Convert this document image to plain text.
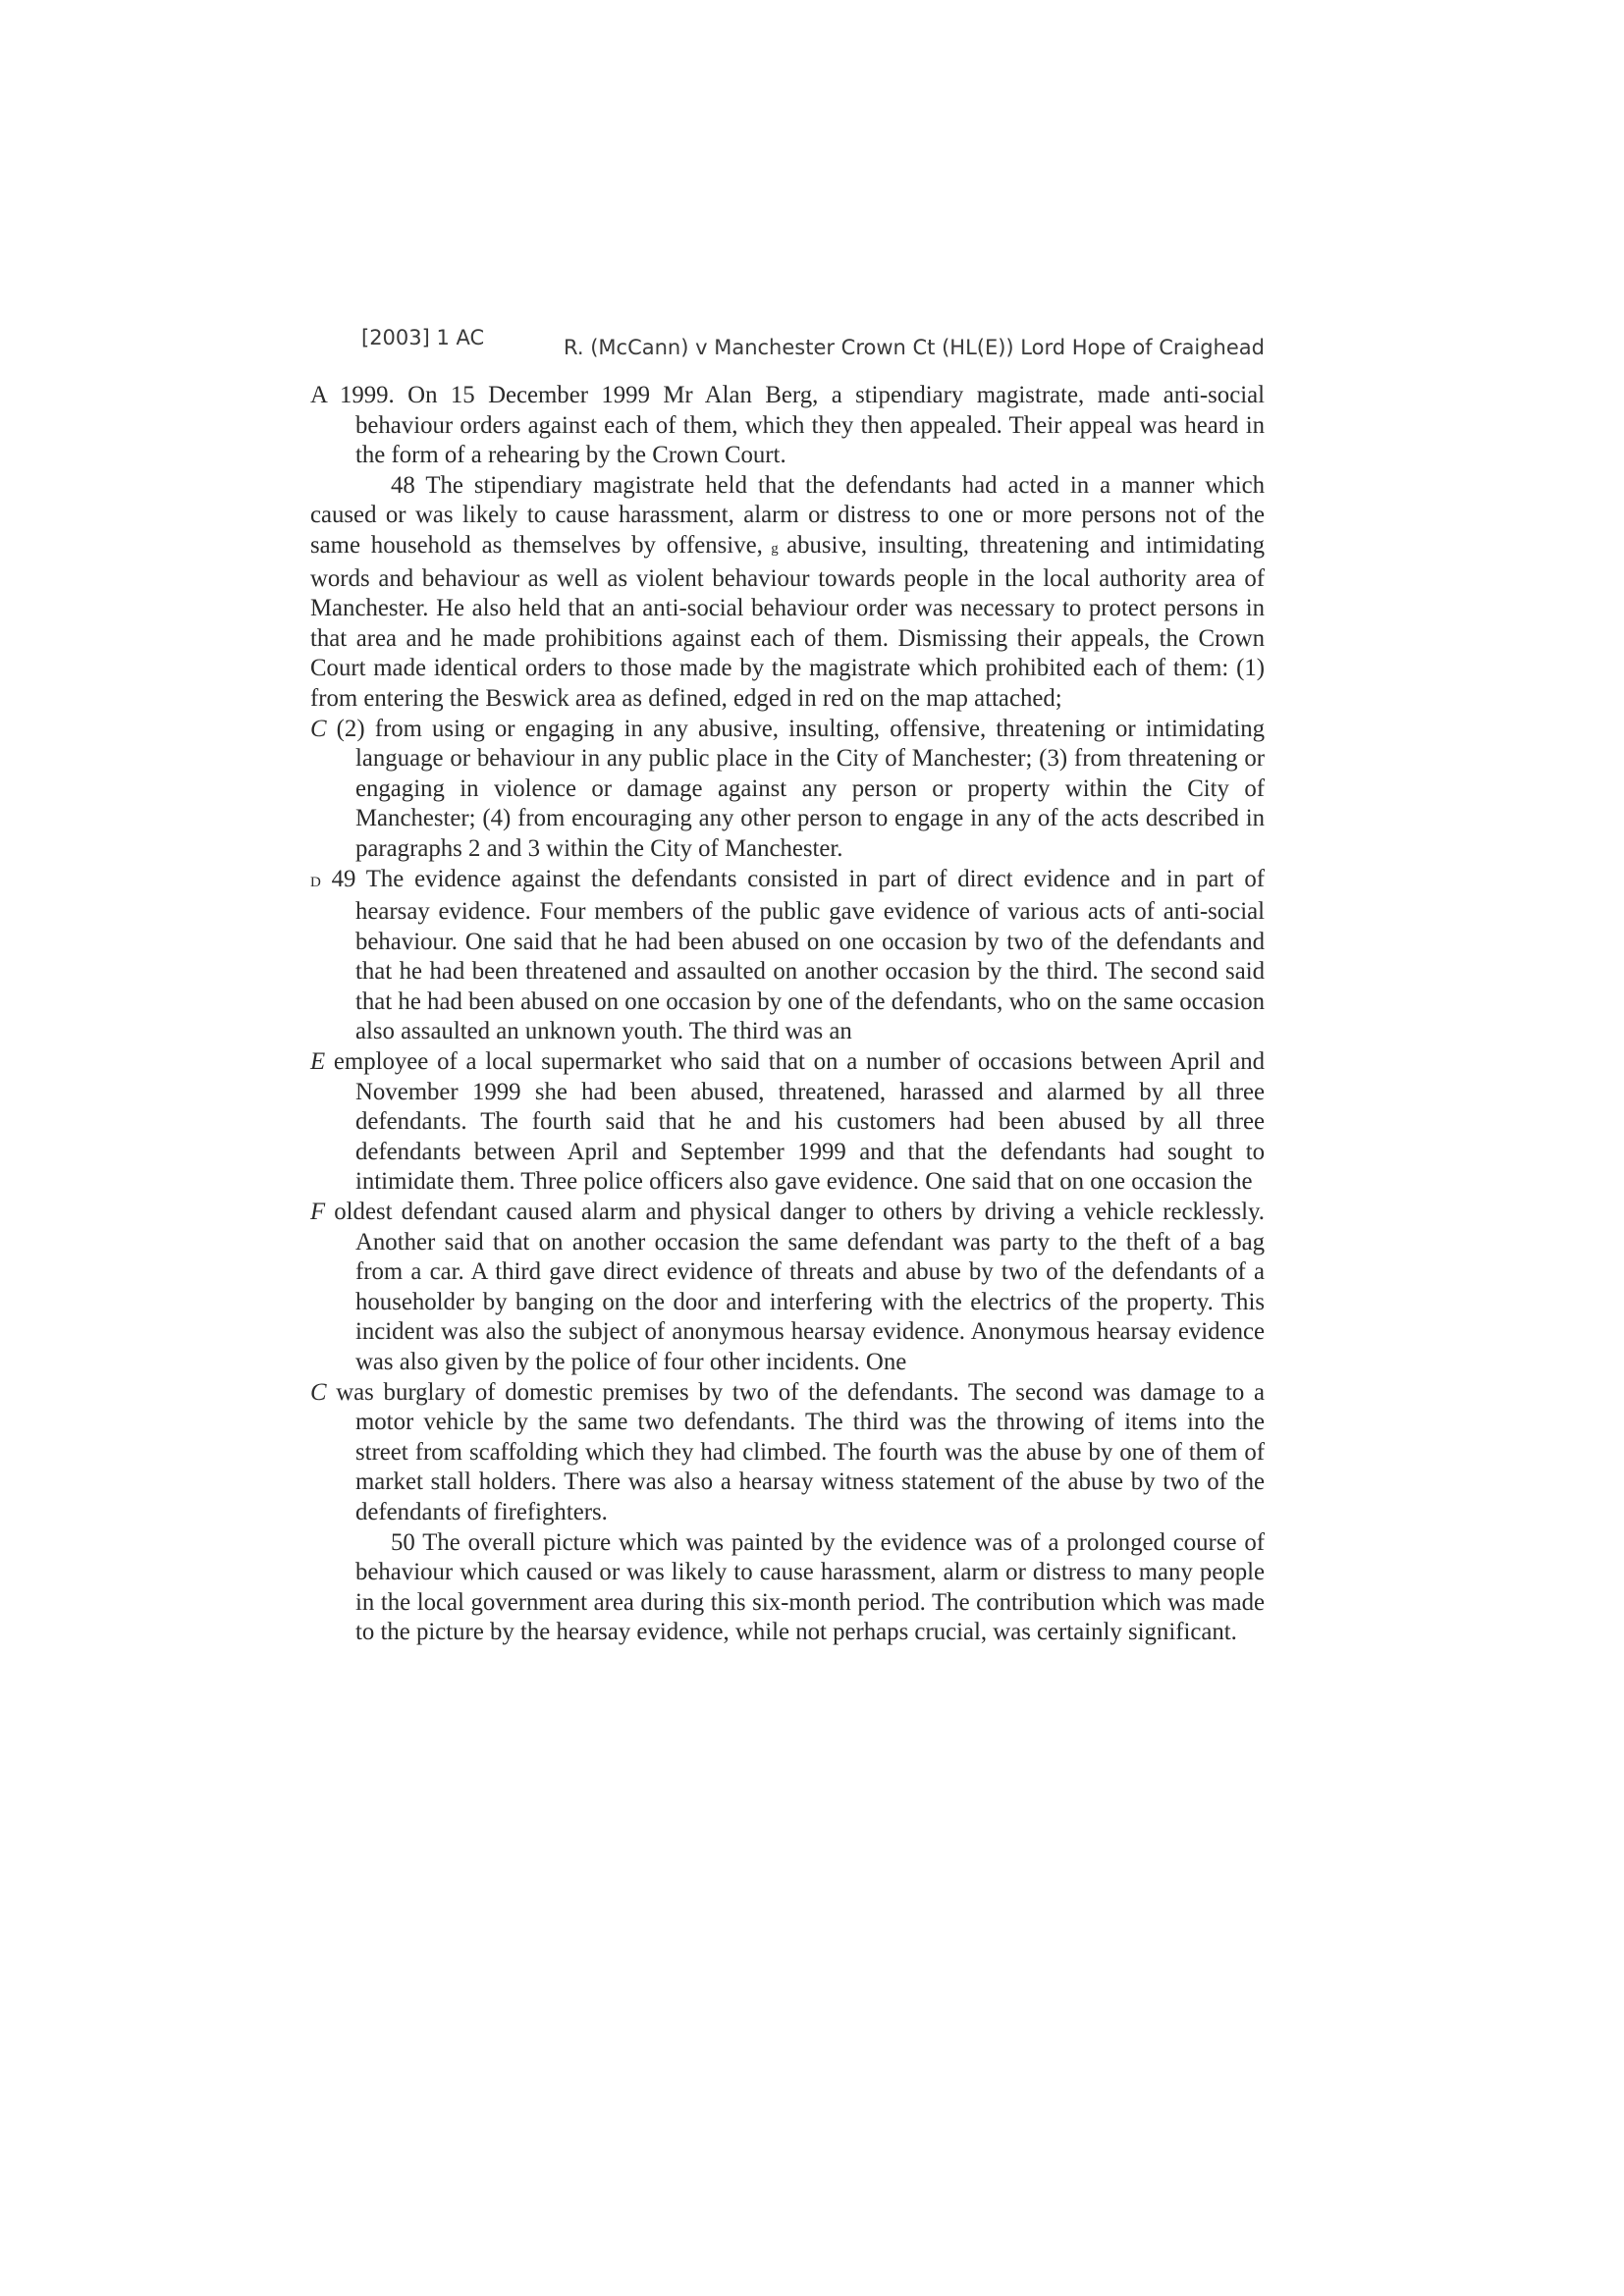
[2003] 1 AC	R. (McCann) v Manchester Crown Ct (HL(E)) Lord Hope of Craighead

A 1999. On 15 December 1999 Mr Alan Berg, a stipendiary magistrate, made anti-social behaviour orders against each of them, which they then appealed. Their appeal was heard in the form of a rehearing by the Crown Court.

48 The stipendiary magistrate held that the defendants had acted in a manner which caused or was likely to cause harassment, alarm or distress to one or more persons not of the same household as themselves by offensive, g abusive, insulting, threatening and intimidating words and behaviour as well as violent behaviour towards people in the local authority area of Manchester. He also held that an anti-social behaviour order was necessary to protect persons in that area and he made prohibitions against each of them. Dismissing their appeals, the Crown Court made identical orders to those made by the magistrate which prohibited each of them: (1) from entering the Beswick area as defined, edged in red on the map attached;

C (2) from using or engaging in any abusive, insulting, offensive, threatening or intimidating language or behaviour in any public place in the City of Manchester; (3) from threatening or engaging in violence or damage against any person or property within the City of Manchester; (4) from encouraging any other person to engage in any of the acts described in paragraphs 2 and 3 within the City of Manchester.

D 49 The evidence against the defendants consisted in part of direct evidence and in part of hearsay evidence. Four members of the public gave evidence of various acts of anti-social behaviour. One said that he had been abused on one occasion by two of the defendants and that he had been threatened and assaulted on another occasion by the third. The second said that he had been abused on one occasion by one of the defendants, who on the same occasion also assaulted an unknown youth. The third was an

E employee of a local supermarket who said that on a number of occasions between April and November 1999 she had been abused, threatened, harassed and alarmed by all three defendants. The fourth said that he and his customers had been abused by all three defendants between April and September 1999 and that the defendants had sought to intimidate them. Three police officers also gave evidence. One said that on one occasion the

F oldest defendant caused alarm and physical danger to others by driving a vehicle recklessly. Another said that on another occasion the same defendant was party to the theft of a bag from a car. A third gave direct evidence of threats and abuse by two of the defendants of a householder by banging on the door and interfering with the electrics of the property. This incident was also the subject of anonymous hearsay evidence. Anonymous hearsay evidence was also given by the police of four other incidents. One

C was burglary of domestic premises by two of the defendants. The second was damage to a motor vehicle by the same two defendants. The third was the throwing of items into the street from scaffolding which they had climbed. The fourth was the abuse by one of them of market stall holders. There was also a hearsay witness statement of the abuse by two of the defendants of firefighters.

50 The overall picture which was painted by the evidence was of a prolonged course of behaviour which caused or was likely to cause harassment, alarm or distress to many people in the local government area during this six-month period. The contribution which was made to the picture by the hearsay evidence, while not perhaps crucial, was certainly significant.
